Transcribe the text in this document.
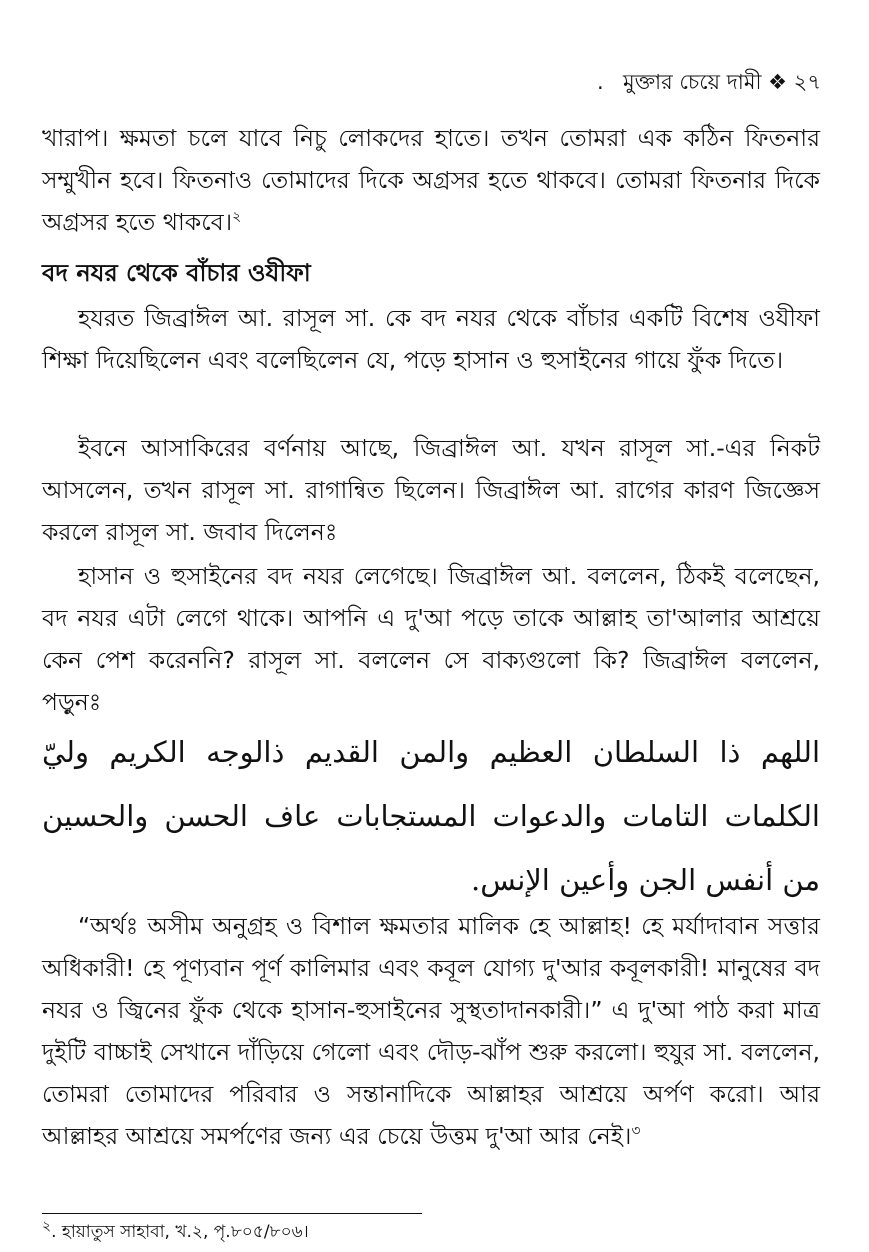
. মুক্তার চেয়ে দামী ❖ ২৭

খারাপ। ক্ষমতা চলে যাবে নিচু লোকদের হাতে। তখন তোমরা এক কঠিন ফিতনার সম্মুখীন হবে। ফিতনাও তোমাদের দিকে অগ্রসর হতে থাকবে। তোমরা ফিতনার দিকে অগ্রসর হতে থাকবে।$^২$

বদ নযর থেকে বাঁচার ওযীফা

হযরত জিব্রাঈল আ. রাসূল সা. কে বদ নযর থেকে বাঁচার একটি বিশেষ ওযীফা শিক্ষা দিয়েছিলেন এবং বলেছিলেন যে, পড়ে হাসান ও হুসাইনের গায়ে ফুঁক দিতে।

ইবনে আসাকিরের বর্ণনায় আছে, জিব্রাঈল আ. যখন রাসূল সা.-এর নিকট আসলেন, তখন রাসূল সা. রাগান্বিত ছিলেন। জিব্রাঈল আ. রাগের কারণ জিজ্ঞেস করলে রাসূল সা. জবাব দিলেনঃ

হাসান ও হুসাইনের বদ নযর লেগেছে। জিব্রাঈল আ. বললেন, ঠিকই বলেছেন, বদ নযর এটা লেগে থাকে। আপনি এ দু'আ পড়ে তাকে আল্লাহ তা'আলার আশ্রয়ে কেন পেশ করেননি? রাসূল সা. বললেন সে বাক্যগুলো কি? জিব্রাঈল বললেন, পড়ুনঃ

اللهم ذا السلطان العظيم والمن القديم ذالوجه الكريم وليّ الكلمات التامات والدعوات المستجابات عاف الحسن والحسين من أنفس الجن وأعين الإنس.

“অর্থঃ অসীম অনুগ্রহ ও বিশাল ক্ষমতার মালিক হে আল্লাহ! হে মর্যাদাবান সত্তার অধিকারী! হে পূণ্যবান পূর্ণ কালিমার এবং কবূল যোগ্য দু'আর কবূলকারী! মানুষের বদ নযর ও জ্বিনের ফুঁক থেকে হাসান-হুসাইনের সুস্থতাদানকারী।” এ দু'আ পাঠ করা মাত্র দুইটি বাচ্চাই সেখানে দাঁড়িয়ে গেলো এবং দৌড়-ঝাঁপ শুরু করলো। হুযুর সা. বললেন, তোমরা তোমাদের পরিবার ও সন্তানাদিকে আল্লাহর আশ্রয়ে অর্পণ করো। আর আল্লাহর আশ্রয়ে সমর্পণের জন্য এর চেয়ে উত্তম দু'আ আর নেই।$^৩$

$^২$. হায়াতুস সাহাবা, খ.২, পৃ.৮০৫/৮০৬।
